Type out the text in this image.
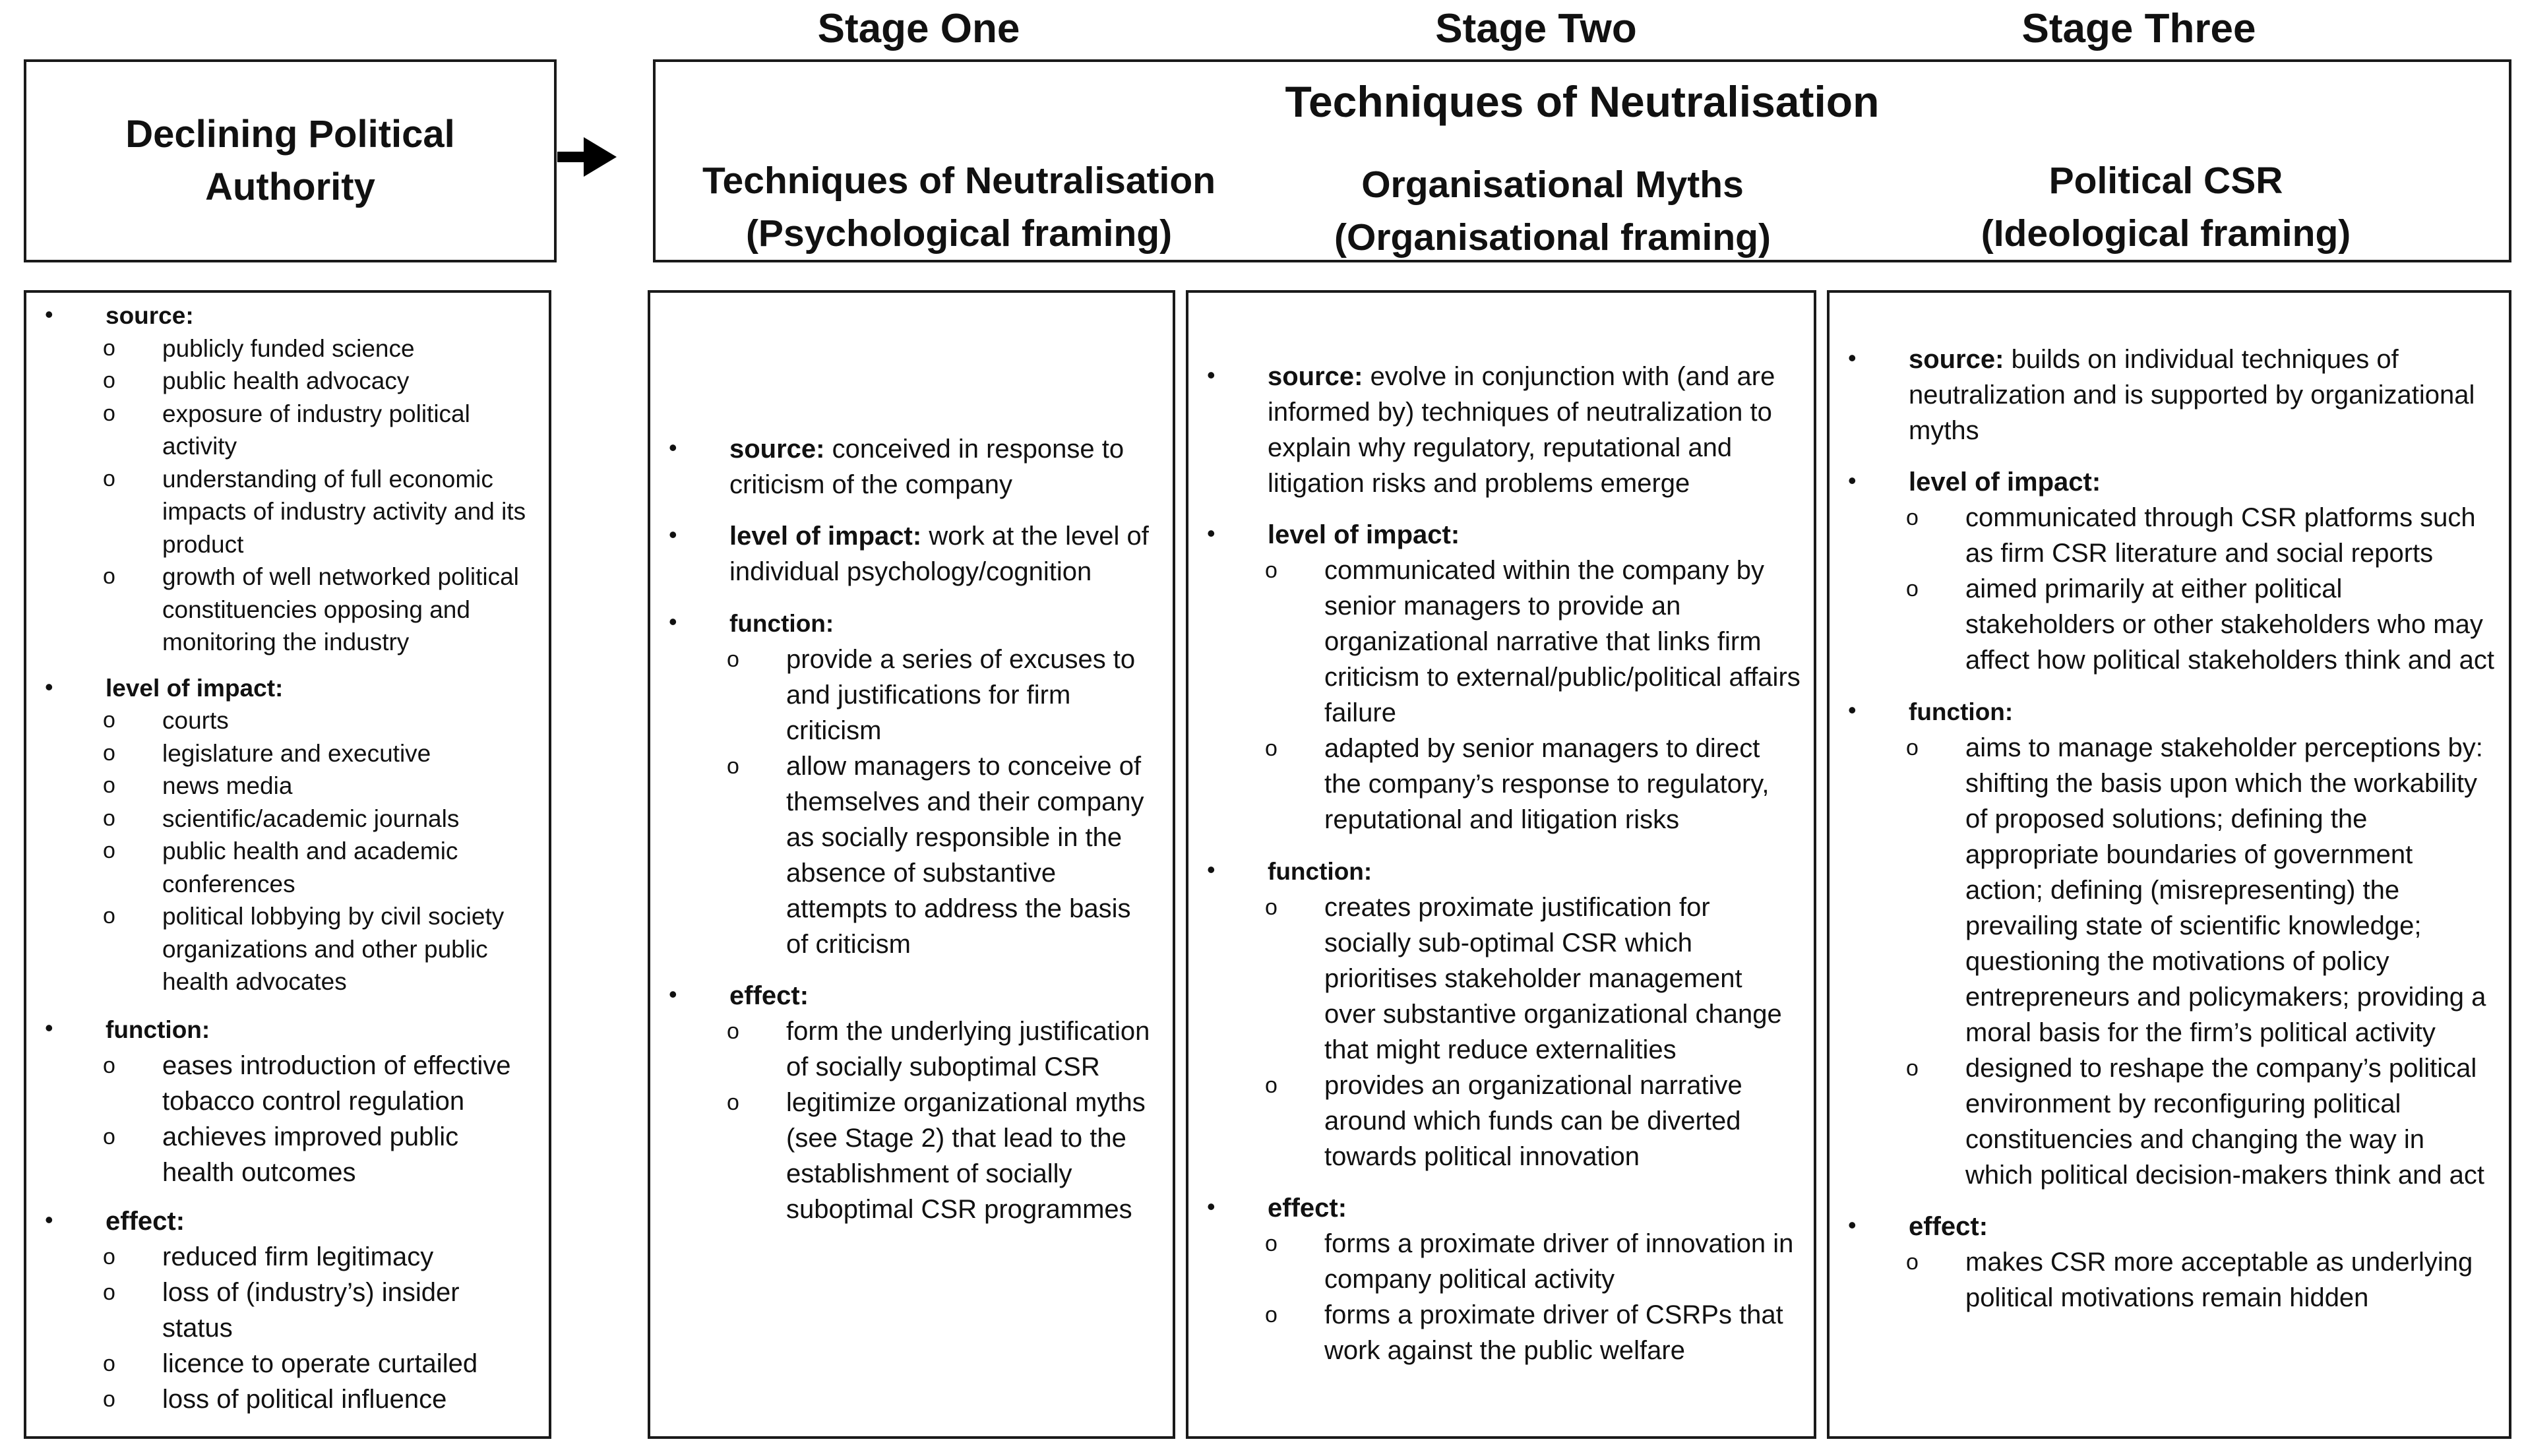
Stage One	Stage Two	Stage Three
Declining Political
Authority
Techniques of Neutralisation
Techniques of Neutralisation
(Psychological framing)
Organisational Myths
(Organisational framing)
Political CSR
(Ideological framing)
• source:
o publicly funded science
o public health advocacy
o exposure of industry political activity
o understanding of full economic impacts of industry activity and its product
o growth of well networked political constituencies opposing and monitoring the industry
• level of impact:
o courts
o legislature and executive
o news media
o scientific/academic journals
o public health and academic conferences
o political lobbying by civil society organizations and other public health advocates
• function:
o eases introduction of effective tobacco control regulation
o achieves improved public health outcomes
• effect:
o reduced firm legitimacy
o loss of (industry’s) insider status
o licence to operate curtailed
o loss of political influence
• source: conceived in response to criticism of the company
• level of impact: work at the level of individual psychology/cognition
• function:
o provide a series of excuses to and justifications for firm criticism
o allow managers to conceive of themselves and their company as socially responsible in the absence of substantive attempts to address the basis of criticism
• effect:
o form the underlying justification of socially suboptimal CSR
o legitimize organizational myths (see Stage 2) that lead to the establishment of socially suboptimal CSR programmes
• source: evolve in conjunction with (and are informed by) techniques of neutralization to explain why regulatory, reputational and litigation risks and problems emerge
• level of impact:
o communicated within the company by senior managers to provide an organizational narrative that links firm criticism to external/public/political affairs failure
o adapted by senior managers to direct the company’s response to regulatory, reputational and litigation risks
• function:
o creates proximate justification for socially sub-optimal CSR which prioritises stakeholder management over substantive organizational change that might reduce externalities
o provides an organizational narrative around which funds can be diverted towards political innovation
• effect:
o forms a proximate driver of innovation in company political activity
o forms a proximate driver of CSRPs that work against the public welfare
• source: builds on individual techniques of neutralization and is supported by organizational myths
• level of impact:
o communicated through CSR platforms such as firm CSR literature and social reports
o aimed primarily at either political stakeholders or other stakeholders who may affect how political stakeholders think and act
• function:
o aims to manage stakeholder perceptions by: shifting the basis upon which the workability of proposed solutions; defining the appropriate boundaries of government action; defining (misrepresenting) the prevailing state of scientific knowledge; questioning the motivations of policy entrepreneurs and policymakers; providing a moral basis for the firm’s political activity
o designed to reshape the company’s political environment by reconfiguring political constituencies and changing the way in which political decision-makers think and act
• effect:
o makes CSR more acceptable as underlying political motivations remain hidden
